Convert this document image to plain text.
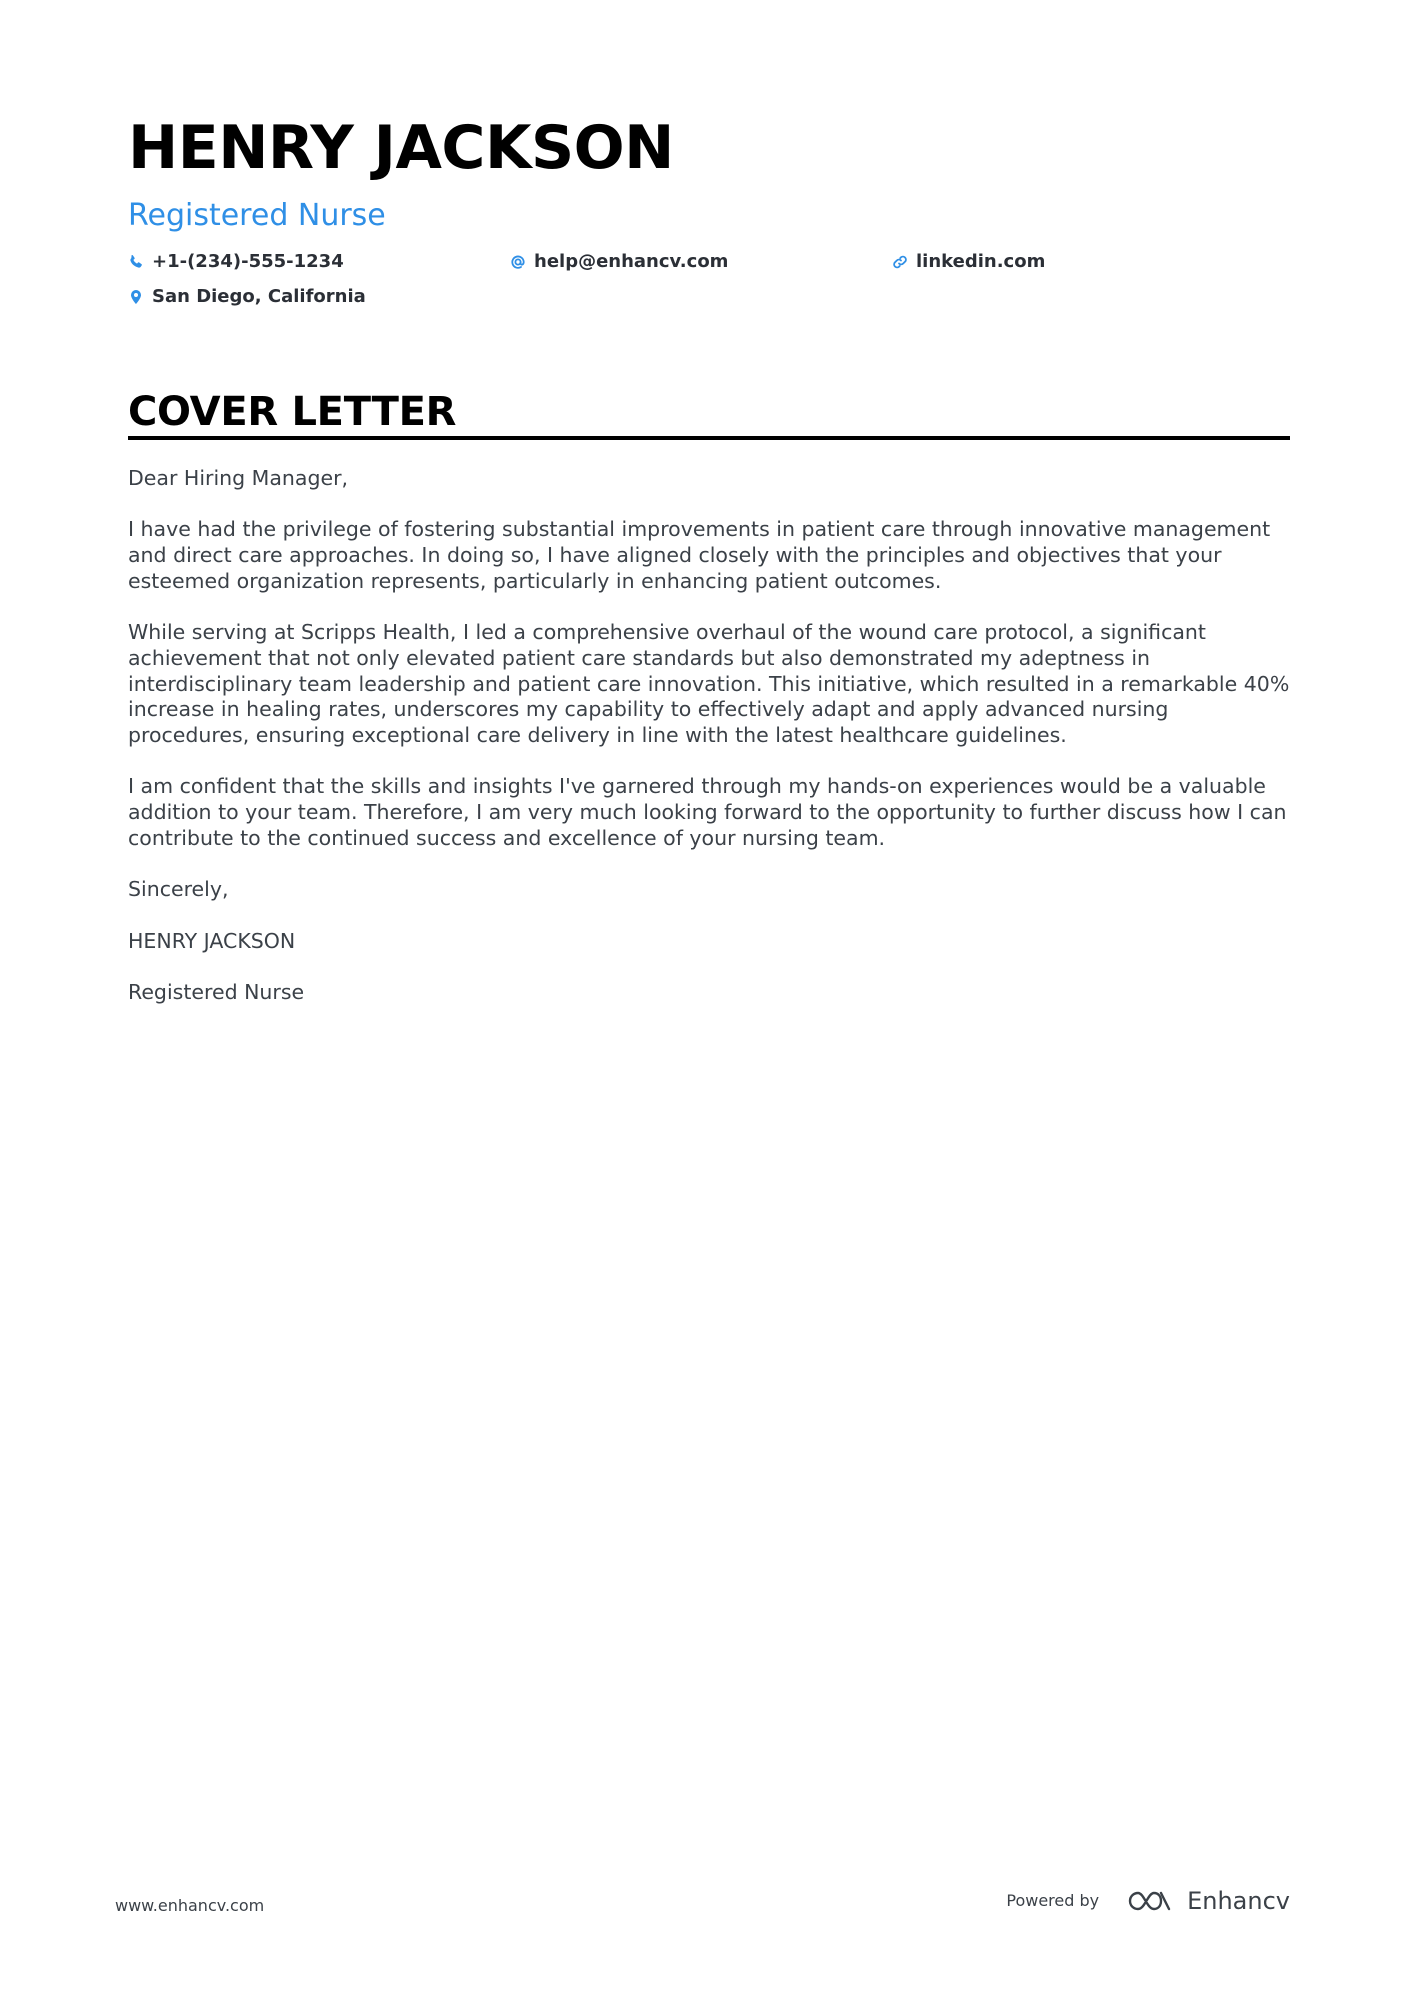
HENRY JACKSON
Registered Nurse
+1-(234)-555-1234	help@enhancv.com	linkedin.com
San Diego, California
COVER LETTER

Dear Hiring Manager,

I have had the privilege of fostering substantial improvements in patient care through innovative management and direct care approaches. In doing so, I have aligned closely with the principles and objectives that your esteemed organization represents, particularly in enhancing patient outcomes.

While serving at Scripps Health, I led a comprehensive overhaul of the wound care protocol, a significant achievement that not only elevated patient care standards but also demonstrated my adeptness in interdisciplinary team leadership and patient care innovation. This initiative, which resulted in a remarkable 40% increase in healing rates, underscores my capability to effectively adapt and apply advanced nursing procedures, ensuring exceptional care delivery in line with the latest healthcare guidelines.

I am confident that the skills and insights I've garnered through my hands-on experiences would be a valuable addition to your team. Therefore, I am very much looking forward to the opportunity to further discuss how I can contribute to the continued success and excellence of your nursing team.

Sincerely,

HENRY JACKSON

Registered Nurse

www.enhancv.com	Powered by	Enhancv
